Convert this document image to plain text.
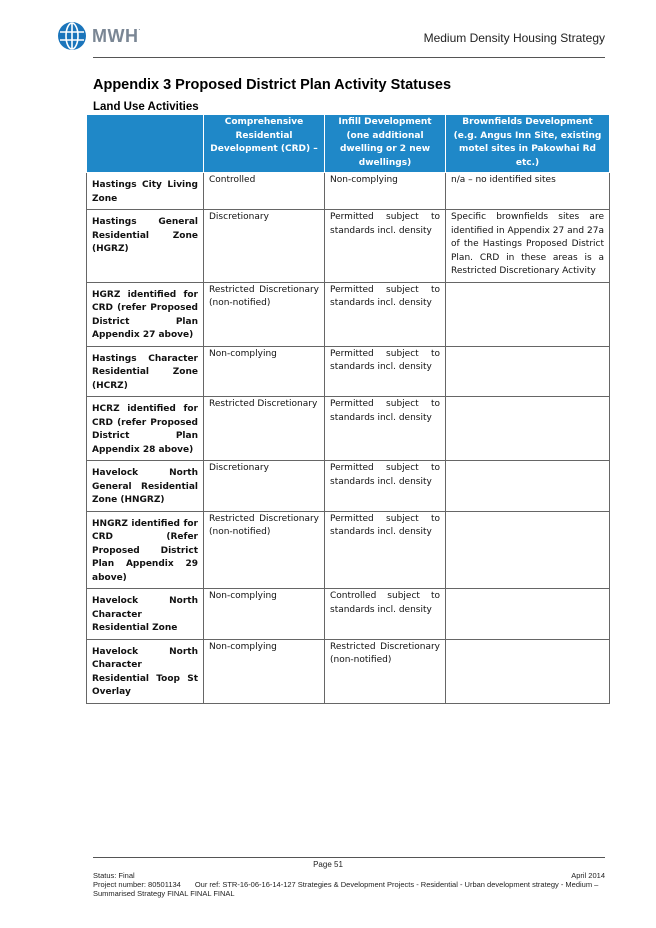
MWH.
Medium Density Housing Strategy
Appendix 3 Proposed District Plan Activity Statuses
Land Use Activities
	Comprehensive Residential Development (CRD) –	Infill Development (one additional dwelling or 2 new dwellings)	Brownfields Development (e.g. Angus Inn Site, existing motel sites in Pakowhai Rd etc.)

Hastings City Living Zone	Controlled	Non-complying	n/a – no identified sites

Hastings General Residential Zone (HGRZ)	Discretionary	Permitted subject to standards incl. density	Specific brownfields sites are identified in Appendix 27 and 27a of the Hastings Proposed District Plan. CRD in these areas is a Restricted Discretionary Activity

HGRZ identified for CRD (refer Proposed District Plan Appendix 27 above)	Restricted Discretionary (non-notified)	Permitted subject to standards incl. density	

Hastings Character Residential Zone (HCRZ)	Non-complying	Permitted subject to standards incl. density	

HCRZ identified for CRD (refer Proposed District Plan Appendix 28 above)	Restricted Discretionary	Permitted subject to standards incl. density	

Havelock North General Residential Zone (HNGRZ)	Discretionary	Permitted subject to standards incl. density	

HNGRZ identified for CRD (Refer Proposed District Plan Appendix 29 above)	Restricted Discretionary (non-notified)	Permitted subject to standards incl. density	

Havelock North Character Residential Zone	Non-complying	Controlled subject to standards incl. density	

Havelock North Character Residential Toop St Overlay	Non-complying	Restricted Discretionary (non-notified)	
Page 51
Status: Final	April 2014
Project number: 80501134 Our ref: STR-16-06-16-14-127 Strategies & Development Projects - Residential - Urban development strategy - Medium – Summarised Strategy FINAL FINAL FINAL
